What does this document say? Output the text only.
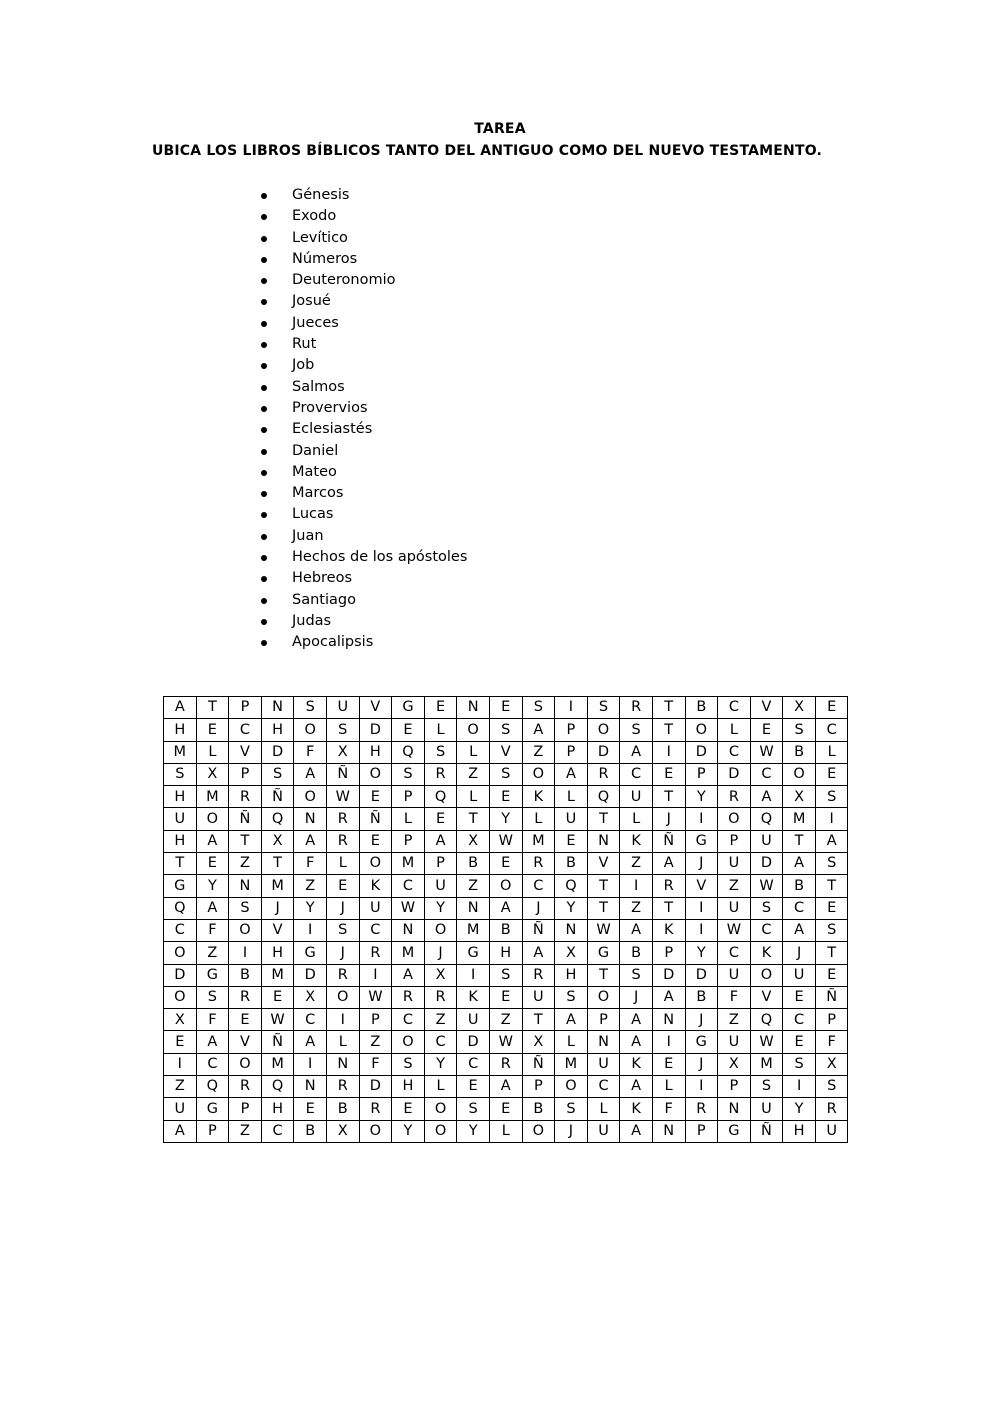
TAREA
UBICA LOS LIBROS BÍBLICOS TANTO DEL ANTIGUO COMO DEL NUEVO TESTAMENTO.
Génesis
Exodo
Levítico
Números
Deuteronomio
Josué
Jueces
Rut
Job
Salmos
Provervios
Eclesiastés
Daniel
Mateo
Marcos
Lucas
Juan
Hechos de los apóstoles
Hebreos
Santiago
Judas
Apocalipsis
A	T	P	N	S	U	V	G	E	N	E	S	I	S	R	T	B	C	V	X	E
H	E	C	H	O	S	D	E	L	O	S	A	P	O	S	T	O	L	E	S	C
M	L	V	D	F	X	H	Q	S	L	V	Z	P	D	A	I	D	C	W	B	L
S	X	P	S	A	Ñ	O	S	R	Z	S	O	A	R	C	E	P	D	C	O	E
H	M	R	Ñ	O	W	E	P	Q	L	E	K	L	Q	U	T	Y	R	A	X	S
U	O	Ñ	Q	N	R	Ñ	L	E	T	Y	L	U	T	L	J	I	O	Q	M	I
H	A	T	X	A	R	E	P	A	X	W	M	E	N	K	Ñ	G	P	U	T	A
T	E	Z	T	F	L	O	M	P	B	E	R	B	V	Z	A	J	U	D	A	S
G	Y	N	M	Z	E	K	C	U	Z	O	C	Q	T	I	R	V	Z	W	B	T
Q	A	S	J	Y	J	U	W	Y	N	A	J	Y	T	Z	T	I	U	S	C	E
C	F	O	V	I	S	C	N	O	M	B	Ñ	N	W	A	K	I	W	C	A	S
O	Z	I	H	G	J	R	M	J	G	H	A	X	G	B	P	Y	C	K	J	T
D	G	B	M	D	R	I	A	X	I	S	R	H	T	S	D	D	U	O	U	E
O	S	R	E	X	O	W	R	R	K	E	U	S	O	J	A	B	F	V	E	Ñ
X	F	E	W	C	I	P	C	Z	U	Z	T	A	P	A	N	J	Z	Q	C	P
E	A	V	Ñ	A	L	Z	O	C	D	W	X	L	N	A	I	G	U	W	E	F
I	C	O	M	I	N	F	S	Y	C	R	Ñ	M	U	K	E	J	X	M	S	X
Z	Q	R	Q	N	R	D	H	L	E	A	P	O	C	A	L	I	P	S	I	S
U	G	P	H	E	B	R	E	O	S	E	B	S	L	K	F	R	N	U	Y	R
A	P	Z	C	B	X	O	Y	O	Y	L	O	J	U	A	N	P	G	Ñ	H	U
